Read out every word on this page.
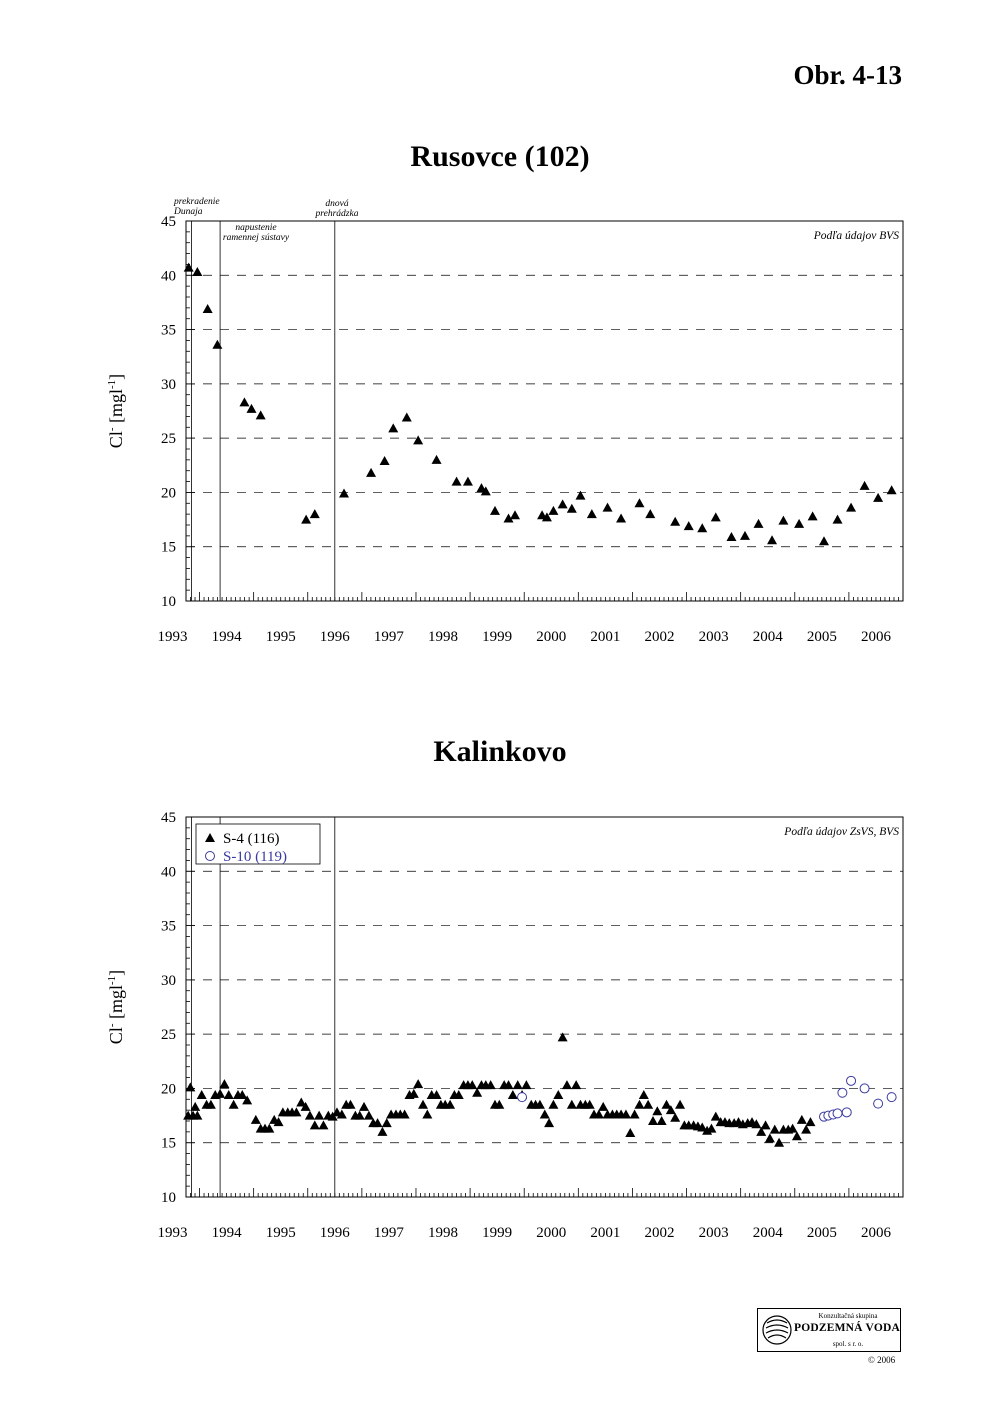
Obr. 4-13
Rusovce (102)
10
15
20
25
30
35
40
45
1993 1994 1995 1996 1997 1998 1999 2000 2001 2002 2003 2004 2005 2006
Cl- [mgl$^{-1}$]
Podľa údajov BVS
prekradenie
Dunaja
napustenie
ramennej sústavy
dnová
prehrádzka
Kalinkovo
10
15
20
25
30
35
40
45
1993 1994 1995 1996 1997 1998 1999 2000 2001 2002 2003 2004 2005 2006
Cl- [mgl$^{-1}$]
Podľa údajov ZsVS, BVS
S-4 (116)
S-10 (119)
Konzultačná skupina
PODZEMNÁ VODA
spol. s r. o.
© 2006
